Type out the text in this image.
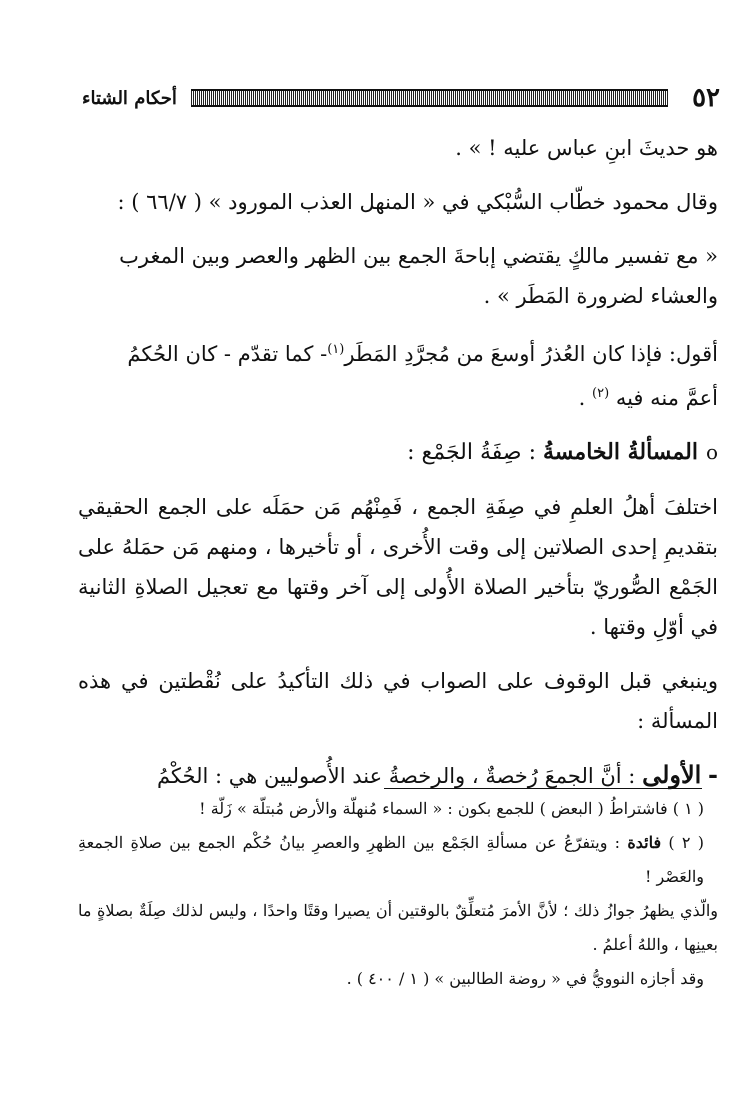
٥٢
أحكام الشتاء

هو حديثَ ابنِ عباس عليه ! » .

وقال محمود خطّاب السُّبْكي في « المنهل العذب المورود » ( ٦٦/٧ ) :

« مع تفسير مالكٍ يقتضي إباحةَ الجمع بين الظهر والعصر وبين المغرب

والعشاء لضرورة المَطَر » .

أقول: فإذا كان العُذرُ أوسعَ من مُجرَّدِ المَطَر$^{(١)}$- كما تقدّم - كان الحُكمُ

أعمَّ منه فيه $^{(٢)}$ .

oالمسألةُ الخامسةُ : صِفَةُ الجَمْع :

اختلفَ أهلُ العلمِ في صِفَةِ الجمع ، فَمِنْهُم مَن حمَلَه على الجمع الحقيقي بتقديمِ إحدى الصلاتين إلى وقت الأُخرى ، أو تأخيرها ، ومنهم مَن حمَلهُ على الجَمْع الصُّوريّ بتأخير الصلاة الأُولى إلى آخر وقتها مع تعجيل الصلاةِ الثانية في أوّلِ وقتها .

وينبغي قبل الوقوف على الصواب في ذلك التأكيدُ على نُقْطتين في هذه المسألة :

- الأولى : أنَّ الجمعَ رُخصةٌ ، والرخصةُ عند الأُصوليين هي : الحُكْمُ

( ١ ) فاشتراطُ ( البعض ) للجمع بكون : « السماء مُنهلّة والأرض مُبتلّة » زَلّة !

( ٢ ) فائدة : ويتفرّعُ عن مسألةِ الجَمْع بين الظهرِ والعصرِ بيانُ حُكْم الجمع بين صلاةِ الجمعةِ والعَصْر !

والّذي يظهرُ جوازُ ذلك ؛ لأنَّ الأمرَ مُتعلِّقٌ بالوقتين أن يصيرا وقتًا واحدًا ، وليس لذلك صِلَةٌ بصلاةٍ ما بعينِها ، واللهُ أعلمُ .

وقد أجازه النوويُّ في « روضة الطالبين » ( ١ / ٤٠٠ ) .
